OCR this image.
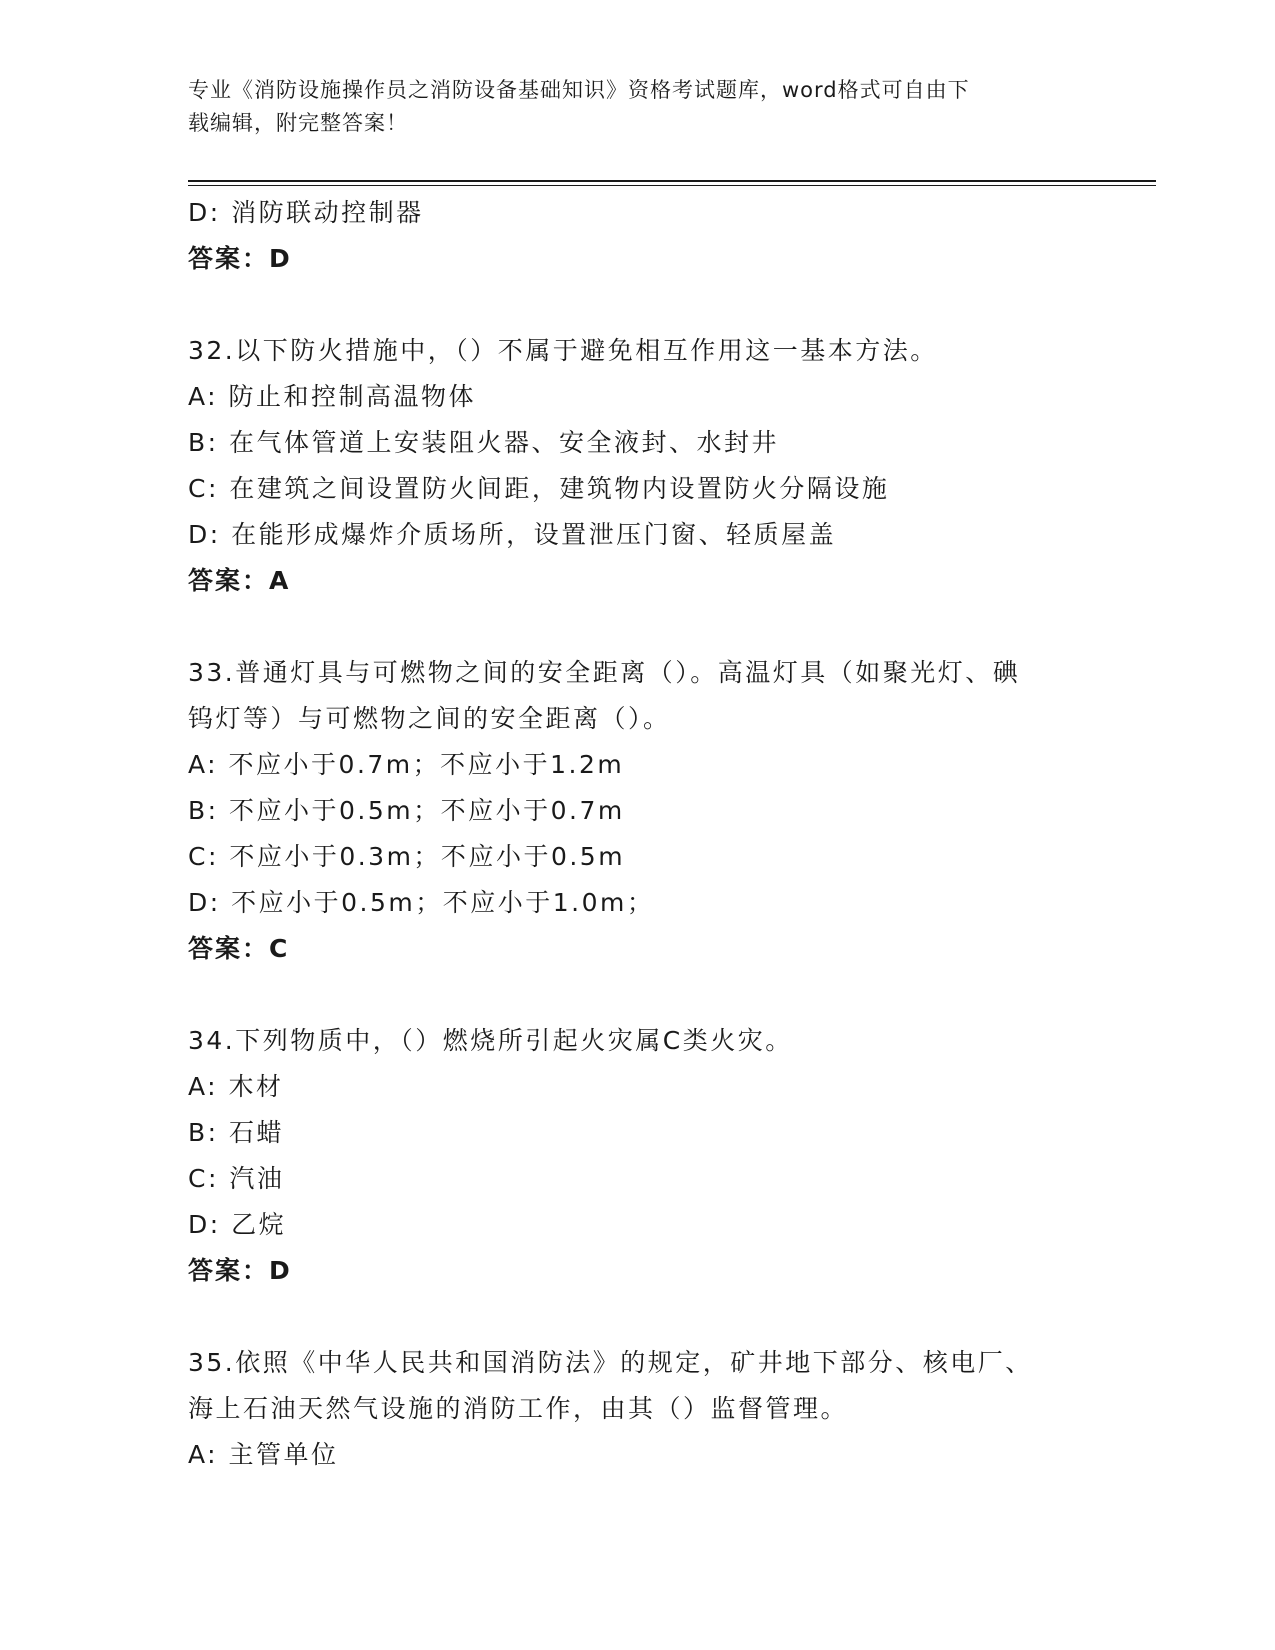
专业《消防设施操作员之消防设备基础知识》资格考试题库，word格式可自由下
载编辑，附完整答案！
D: 消防联动控制器
答案：D
32.以下防火措施中，（）不属于避免相互作用这一基本方法。
A: 防止和控制高温物体
B: 在气体管道上安装阻火器、安全液封、水封井
C: 在建筑之间设置防火间距，建筑物内设置防火分隔设施
D: 在能形成爆炸介质场所，设置泄压门窗、轻质屋盖
答案：A
33.普通灯具与可燃物之间的安全距离（）。高温灯具（如聚光灯、碘
钨灯等）与可燃物之间的安全距离（）。
A: 不应小于0.7m；不应小于1.2m
B: 不应小于0.5m；不应小于0.7m
C: 不应小于0.3m；不应小于0.5m
D: 不应小于0.5m；不应小于1.0m；
答案：C
34.下列物质中，（）燃烧所引起火灾属C类火灾。
A: 木材
B: 石蜡
C: 汽油
D: 乙烷
答案：D
35.依照《中华人民共和国消防法》的规定，矿井地下部分、核电厂、
海上石油天然气设施的消防工作，由其（）监督管理。
A: 主管单位
